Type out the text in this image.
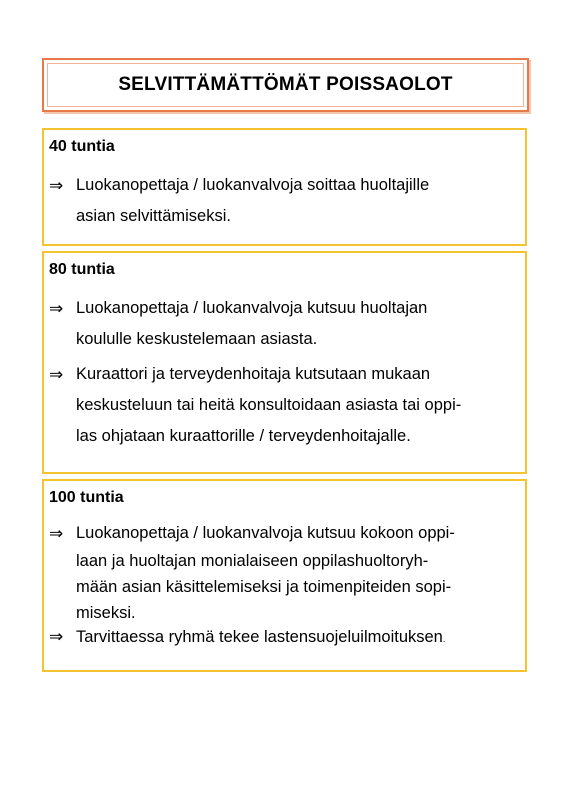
SELVITTÄMÄTTÖMÄT POISSAOLOT
40 tuntia
⇒ Luokanopettaja / luokanvalvoja soittaa huoltajille
asian selvittämiseksi.
80 tuntia
⇒ Luokanopettaja / luokanvalvoja kutsuu huoltajan
koululle keskustelemaan asiasta.
⇒ Kuraattori ja terveydenhoitaja kutsutaan mukaan
keskusteluun tai heitä konsultoidaan asiasta tai oppi-
las ohjataan kuraattorille / terveydenhoitajalle.
100 tuntia
⇒ Luokanopettaja / luokanvalvoja kutsuu kokoon oppi-
laan ja huoltajan monialaiseen oppilashuoltoryh-
mään asian käsittelemiseksi ja toimenpiteiden sopi-
miseksi.
⇒ Tarvittaessa ryhmä tekee lastensuojeluilmoituksen.
